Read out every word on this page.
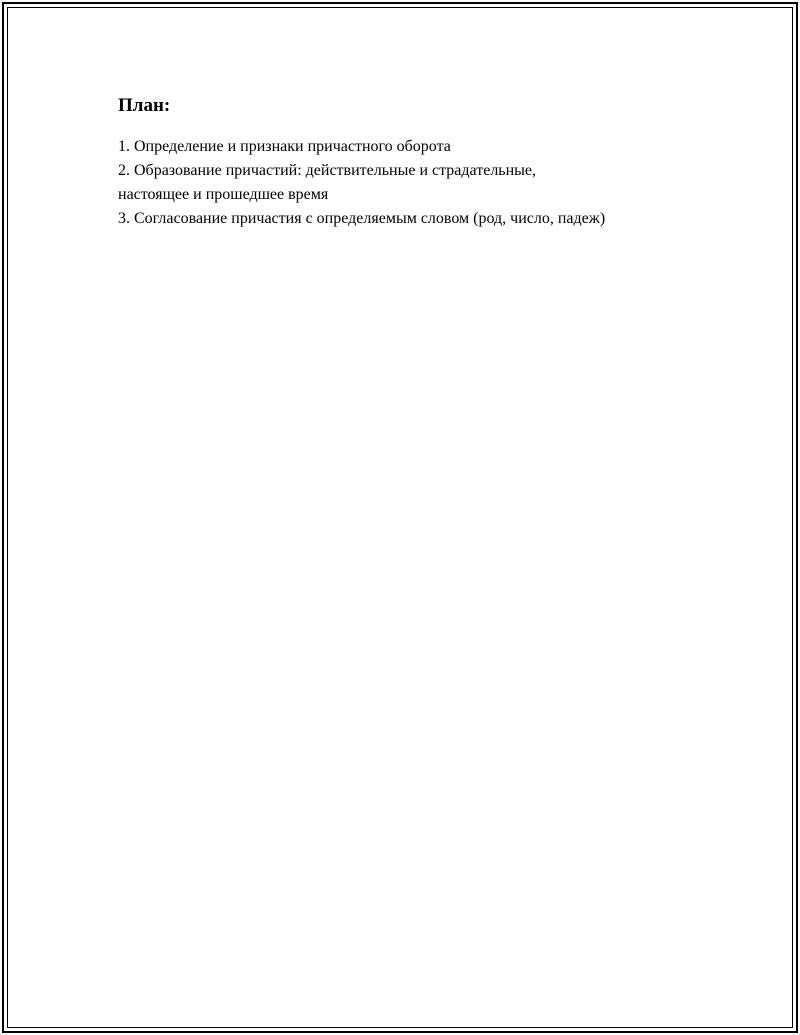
План:
1. Определение и признаки причастного оборота
2. Образование причастий: действительные и страдательные,
настоящее и прошедшее время
3. Согласование причастия с определяемым словом (род, число, падеж)
